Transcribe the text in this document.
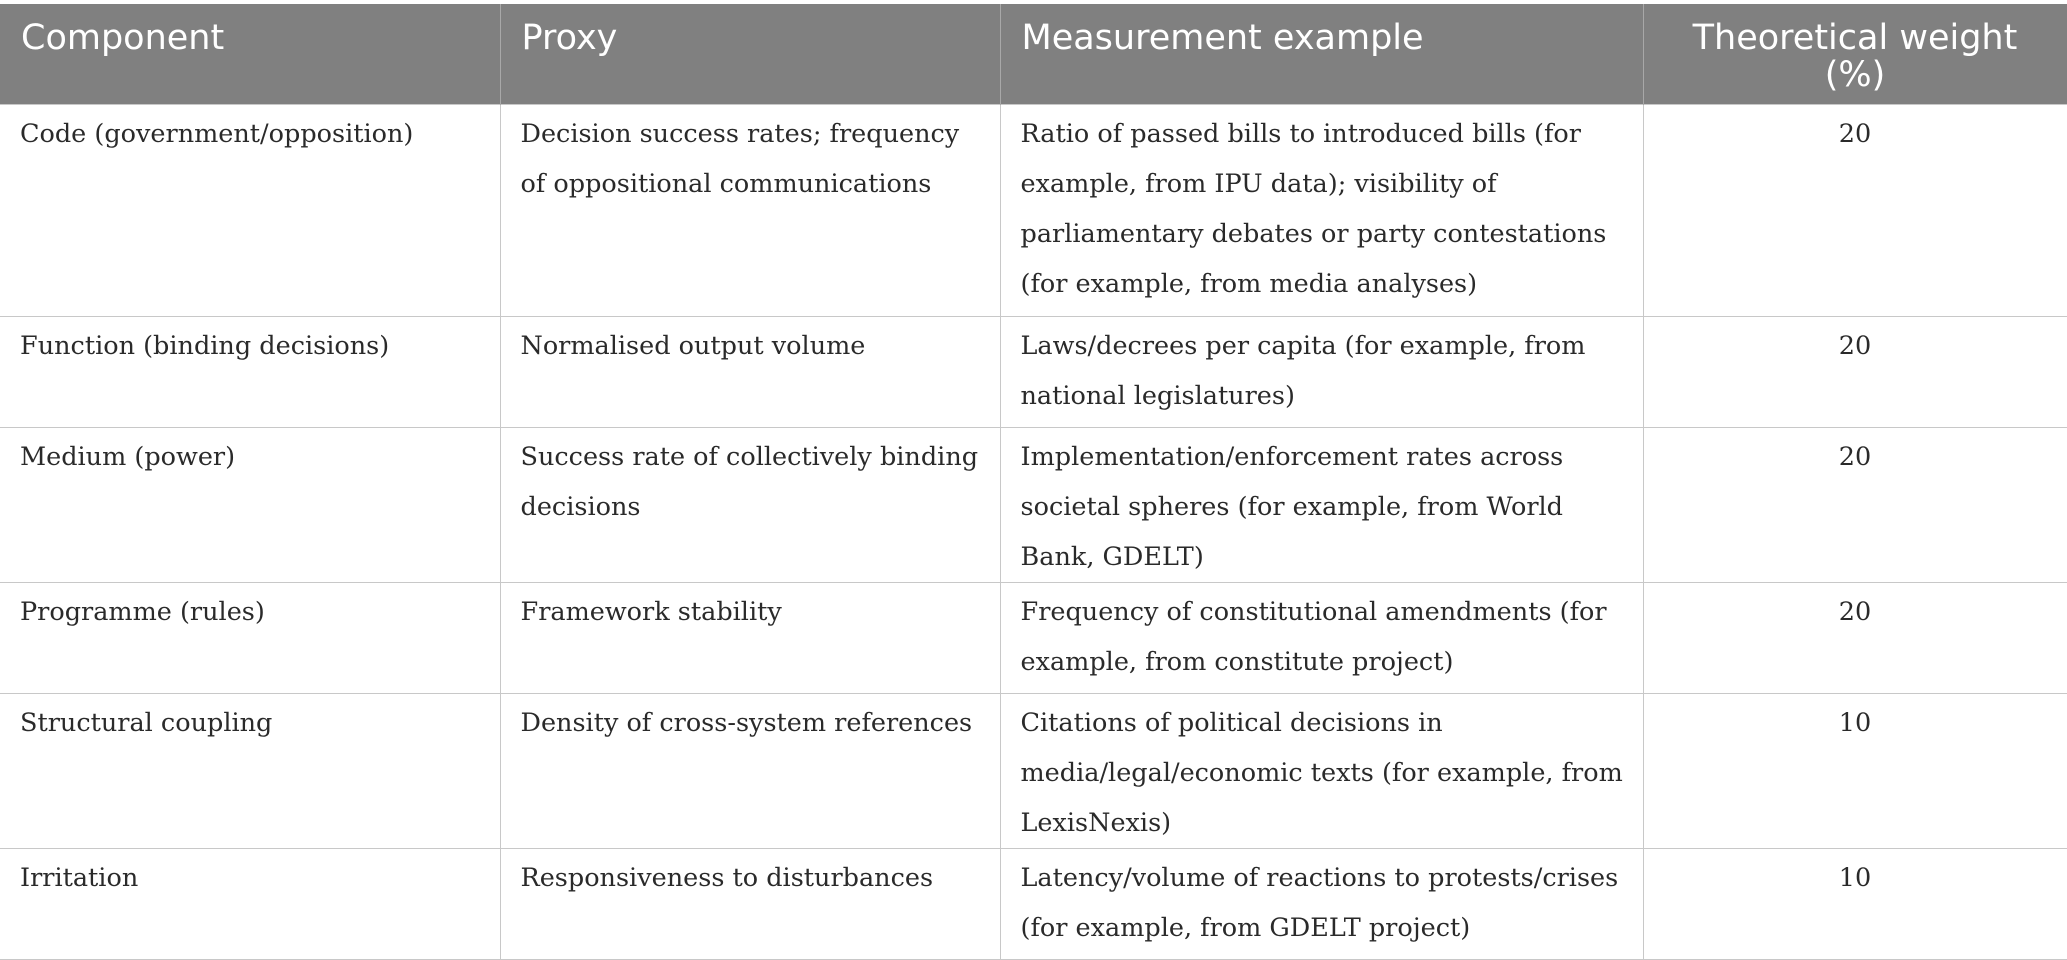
Component	Proxy	Measurement example	Theoretical weight (%)

Code (government/opposition)	Decision success rates; frequency of oppositional communications	Ratio of passed bills to introduced bills (for example, from IPU data); visibility of parliamentary debates or party contestations (for example, from media analyses)	20

Function (binding decisions)	Normalised output volume	Laws/decrees per capita (for example, from national legislatures)	20

Medium (power)	Success rate of collectively binding decisions	Implementation/enforcement rates across societal spheres (for example, from World Bank, GDELT)	20

Programme (rules)	Framework stability	Frequency of constitutional amendments (for example, from constitute project)	20

Structural coupling	Density of cross-system references	Citations of political decisions in media/legal/economic texts (for example, from LexisNexis)	10

Irritation	Responsiveness to disturbances	Latency/volume of reactions to protests/crises (for example, from GDELT project)	10
